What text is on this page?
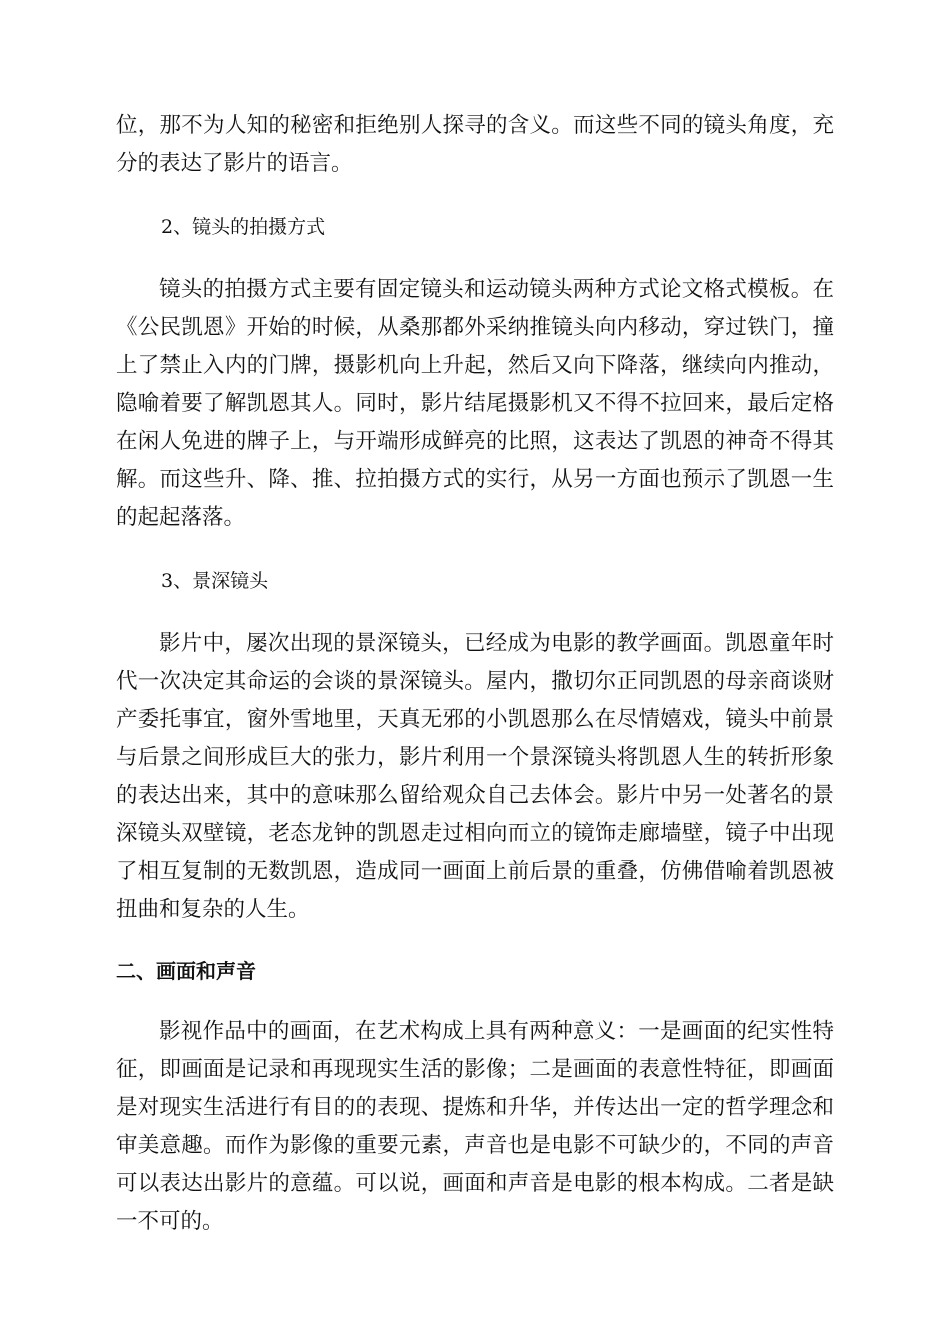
位，那不为人知的秘密和拒绝别人探寻的含义。而这些不同的镜头角度，充分的表达了影片的语言。

2、镜头的拍摄方式

镜头的拍摄方式主要有固定镜头和运动镜头两种方式论文格式模板。在《公民凯恩》开始的时候，从桑那都外采纳推镜头向内移动，穿过铁门，撞上了禁止入内的门牌，摄影机向上升起，然后又向下降落，继续向内推动，隐喻着要了解凯恩其人。同时，影片结尾摄影机又不得不拉回来，最后定格在闲人免进的牌子上，与开端形成鲜亮的比照，这表达了凯恩的神奇不得其解。而这些升、降、推、拉拍摄方式的实行，从另一方面也预示了凯恩一生的起起落落。

3、景深镜头

影片中，屡次出现的景深镜头，已经成为电影的教学画面。凯恩童年时代一次决定其命运的会谈的景深镜头。屋内，撒切尔正同凯恩的母亲商谈财产委托事宜，窗外雪地里，天真无邪的小凯恩那么在尽情嬉戏，镜头中前景与后景之间形成巨大的张力，影片利用一个景深镜头将凯恩人生的转折形象的表达出来，其中的意味那么留给观众自己去体会。影片中另一处著名的景深镜头双壁镜，老态龙钟的凯恩走过相向而立的镜饰走廊墙壁，镜子中出现了相互复制的无数凯恩，造成同一画面上前后景的重叠，仿佛借喻着凯恩被扭曲和复杂的人生。

二、画面和声音

影视作品中的画面，在艺术构成上具有两种意义：一是画面的纪实性特征，即画面是记录和再现现实生活的影像；二是画面的表意性特征，即画面是对现实生活进行有目的的表现、提炼和升华，并传达出一定的哲学理念和审美意趣。而作为影像的重要元素，声音也是电影不可缺少的，不同的声音可以表达出影片的意蕴。可以说，画面和声音是电影的根本构成。二者是缺一不可的。
